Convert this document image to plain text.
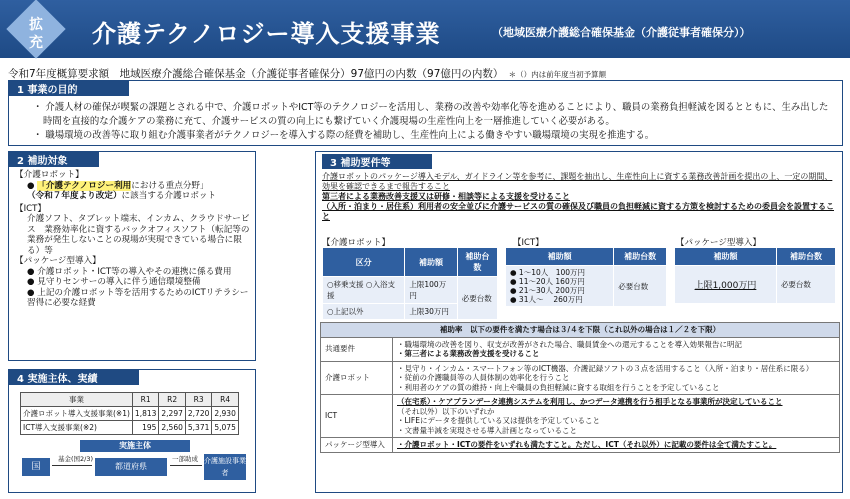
拡
充	介護テクノロジー導入支援事業	（地域医療介護総合確保基金（介護従事者確保分））
令和7年度概算要求額　地域医療介護総合確保基金（介護従事者確保分）97億円の内数（97億円の内数）　 ＊（）内は前年度当初予算額
1 事業の目的
・ 介護人材の確保が喫緊の課題とされる中で、介護ロボットやICT等のテクノロジーを活用し、業務の改善や効率化等を進めることにより、職員の業務負担軽減を図るとともに、生み出した時間を直接的な介護ケアの業務に充て、介護サービスの質の向上にも繋げていく介護現場の生産性向上を一層推進していく必要がある。
・ 職場環境の改善等に取り組む介護事業者がテクノロジーを導入する際の経費を補助し、生産性向上による働きやすい職場環境の実現を推進する。
2 補助対象
【介護ロボット】
● 「介護テクノロジー利用における重点分野」
（令和７年度より改定）に該当する介護ロボット
【ICT】
介護ソフト、タブレット端末、インカム、クラウドサービス　業務効率化に資するバックオフィスソフト（転記等の業務が発生しないことの現場が実現できている場合に限る）等
【パッケージ型導入】
● 介護ロボット・ICT等の導入やその連携に係る費用
● 見守りセンサーの導入に伴う通信環境整備
● 上記の介護ロボット等を活用するためのICTリテラシー習得に必要な経費
4 実施主体、実績
事業	R1	R2	R3	R4
介護ロボット導入支援事業(※1)	1,813	2,297	2,720	2,930
ICT導入支援事業(※2)	195	2,560	5,371	5,075
実施主体
国
基金(国2/3)
都道府県
一部助成 介護施設事業者
3 補助要件等
介護ロボットのパッケージ導入モデル、ガイドライン等を参考に、課題を抽出し、生産性向上に資する業務改善計画を提出の上、一定の期間、効果を確認できるまで報告すること
第三者による業務改善支援又は研修・相談等による支援を受けること
（入所・泊まり・居住系）利用者の安全並びに介護サービスの質の確保及び職員の負担軽減に資する方策を検討するための委員会を設置すること
【介護ロボット】
区分	補助額	補助台数
○移乗支援 ○入浴支援	上限100万円	必要台数
○上記以外	上限30万円	
【ICT】
補助額	補助台数

● 1～10人　100万円
● 11～20人 160万円
● 21～30人 200万円
● 31人～　 260万円	必要台数
【パッケージ型導入】
補助額	補助台数
上限1,000万円	必要台数
補助率　以下の要件を満たす場合は３/４を下限（これ以外の場合は１／２を下限）	
共通要件	・職場環境の改善を図り、収支が改善がされた場合、職員賃金への還元することを導入効果報告に明記
・第三者による業務改善支援を受けること

介護ロボット	・見守り・インカム・スマートフォン等のICT機器、介護記録ソフトの３点を活用すること（入所・泊まり・居住系に限る）
・従前の介護職員等の人員体制の効率化を行うこと
・利用者のケアの質の維持・向上や職員の負担軽減に資する取組を行うことを予定していること

ICT	（在宅系）・ケアプランデータ連携システムを利用し、かつデータ連携を行う相手となる事業所が決定していること
（それ以外）以下のいずれか
・LIFEにデータを提供している又は提供を予定していること
・文書量半減を実現させる導入計画となっていること

パッケージ型導入	・介護ロボット・ICTの要件をいずれも満たすこと。ただし、ICT（それ以外）に記載の要件は全て満たすこと。
